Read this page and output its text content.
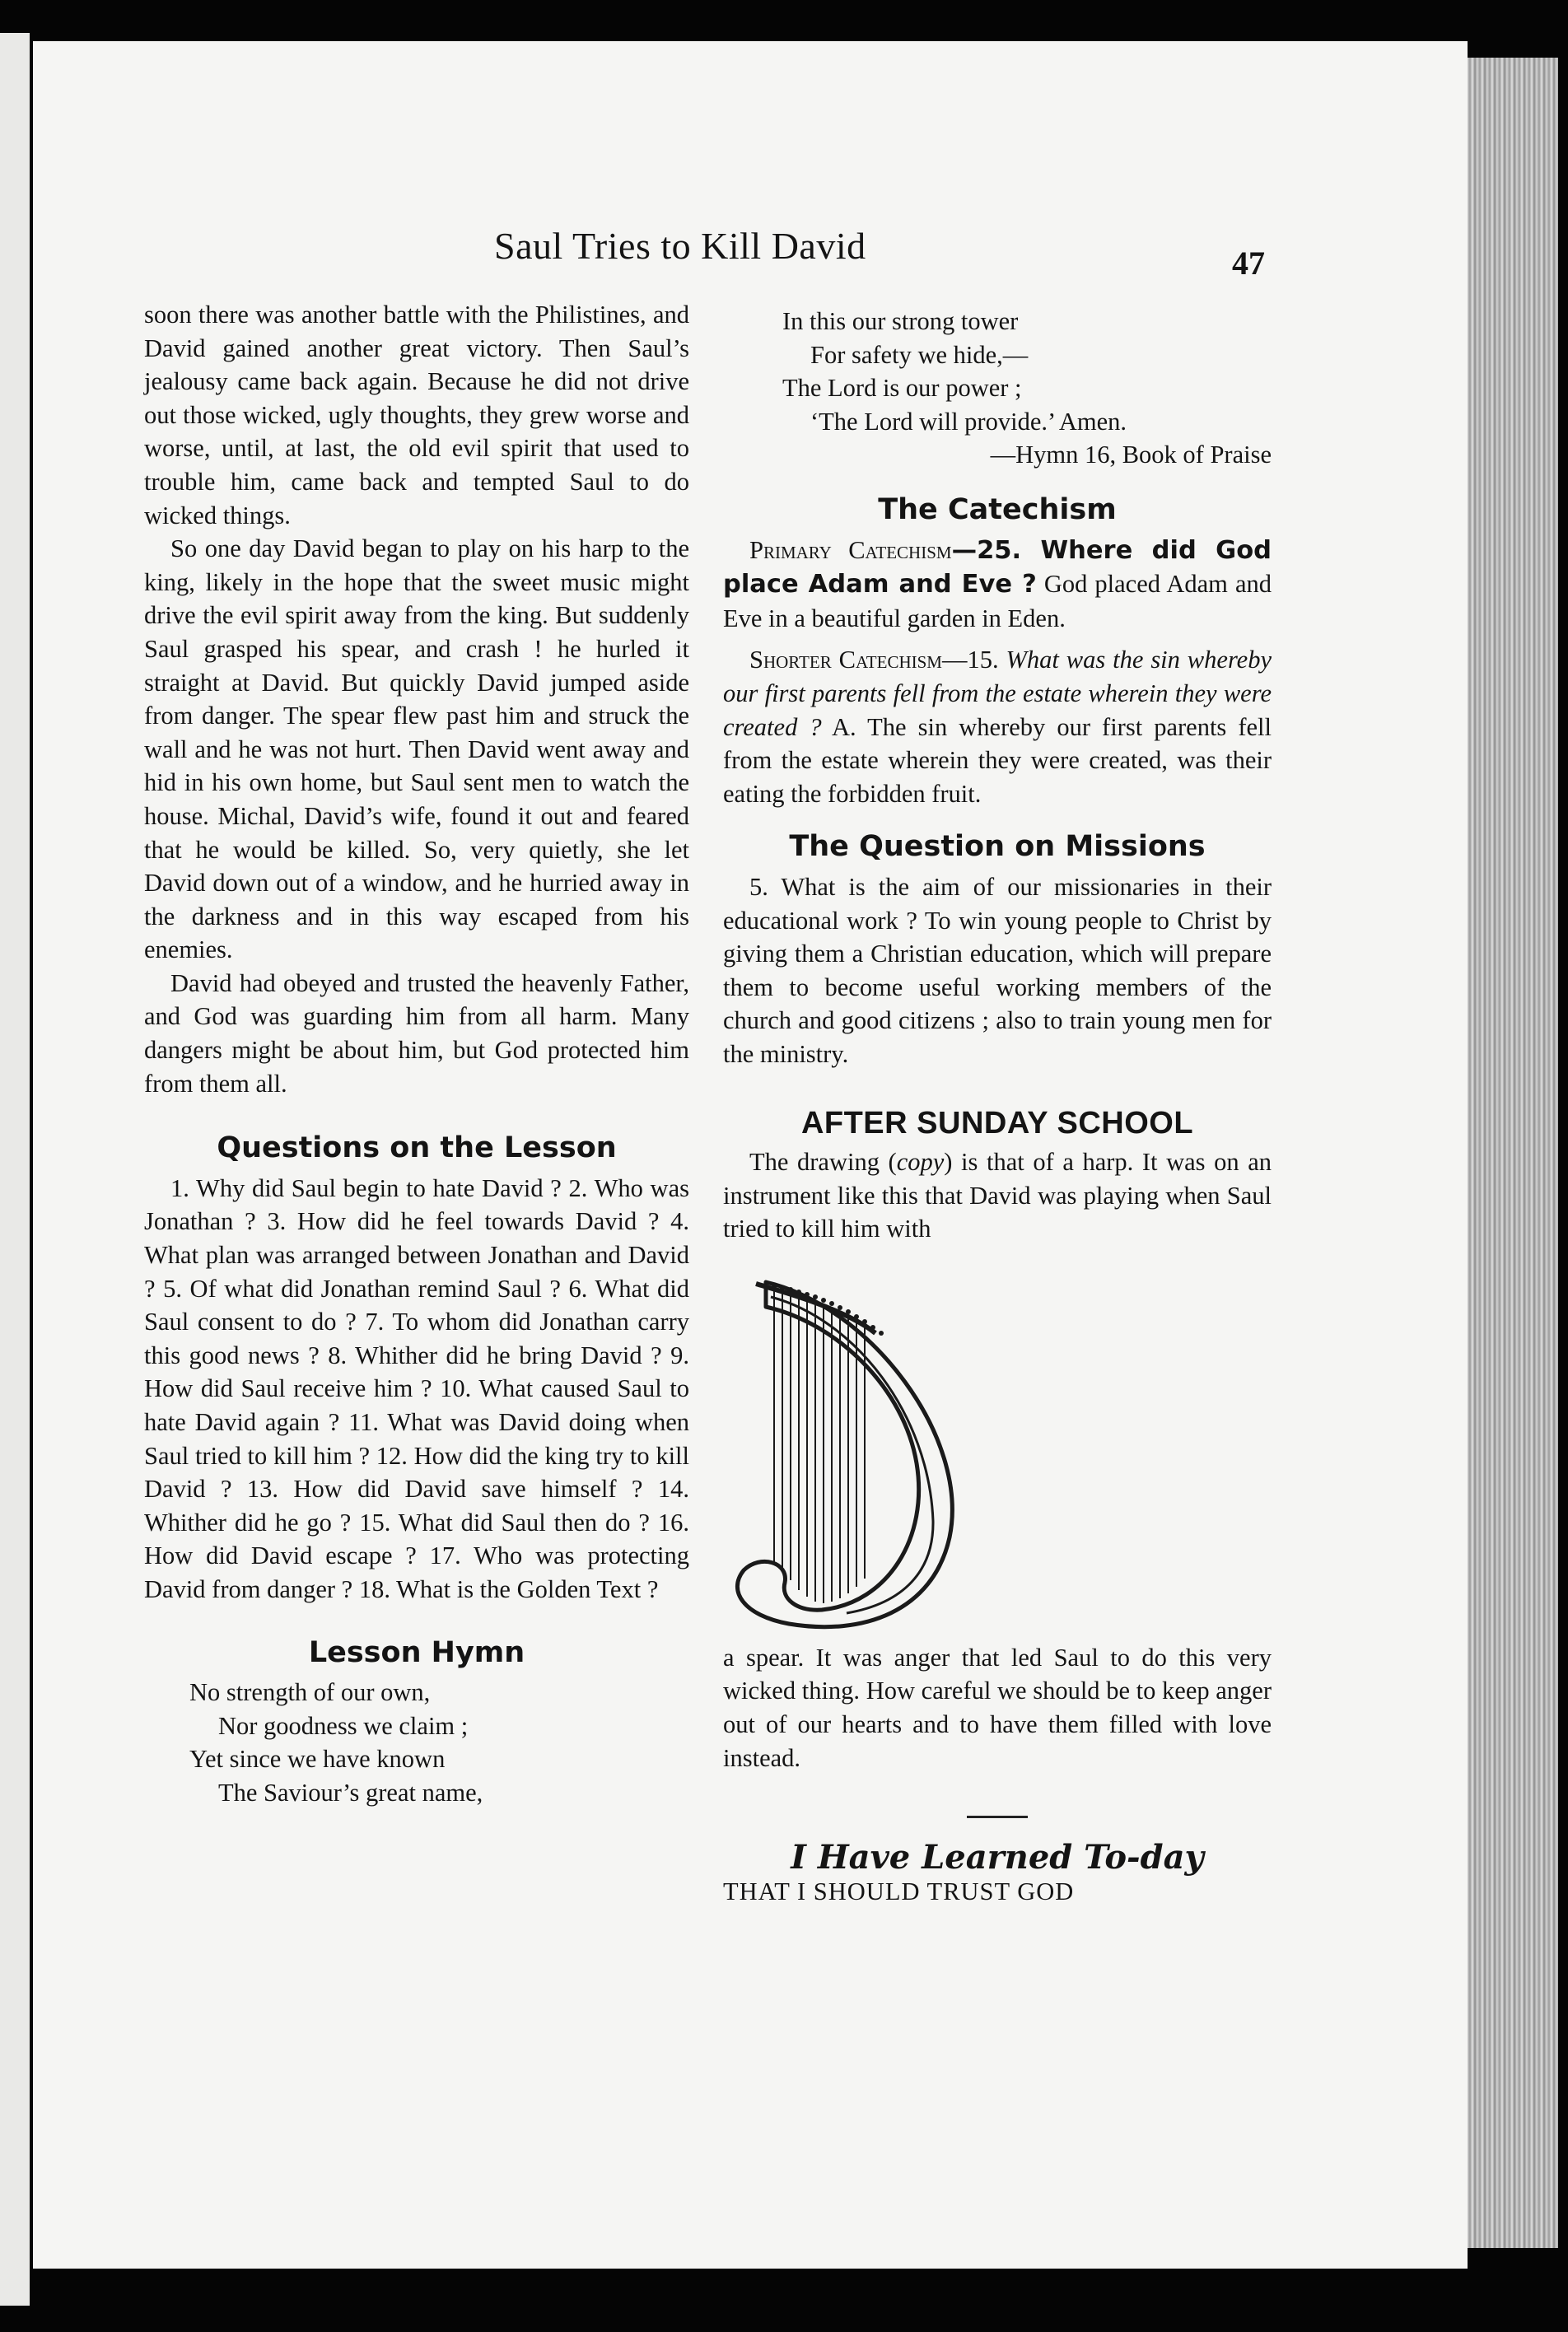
Saul Tries to Kill David	47

soon there was another battle with the Philistines, and David gained another great victory. Then Saul’s jealousy came back again. Because he did not drive out those wicked, ugly thoughts, they grew worse and worse, until, at last, the old evil spirit that used to trouble him, came back and tempted Saul to do wicked things.

So one day David began to play on his harp to the king, likely in the hope that the sweet music might drive the evil spirit away from the king. But suddenly Saul grasped his spear, and crash ! he hurled it straight at David. But quickly David jumped aside from danger. The spear flew past him and struck the wall and he was not hurt. Then David went away and hid in his own home, but Saul sent men to watch the house. Michal, David’s wife, found it out and feared that he would be killed. So, very quietly, she let David down out of a window, and he hurried away in the darkness and in this way escaped from his enemies.

David had obeyed and trusted the heavenly Father, and God was guarding him from all harm. Many dangers might be about him, but God protected him from them all.

Questions on the Lesson

1. Why did Saul begin to hate David ? 2. Who was Jonathan ? 3. How did he feel towards David ? 4. What plan was arranged between Jonathan and David ? 5. Of what did Jonathan remind Saul ? 6. What did Saul consent to do ? 7. To whom did Jonathan carry this good news ? 8. Whither did he bring David ? 9. How did Saul receive him ? 10. What caused Saul to hate David again ? 11. What was David doing when Saul tried to kill him ? 12. How did the king try to kill David ? 13. How did David save himself ? 14. Whither did he go ? 15. What did Saul then do ? 16. How did David escape ? 17. Who was protecting David from danger ? 18. What is the Golden Text ?

Lesson Hymn
No strength of our own,
Nor goodness we claim ;
Yet since we have known
The Saviour’s great name,
In this our strong tower
For safety we hide,—
The Lord is our power ;
‘The Lord will provide.’ Amen.
—Hymn 16, Book of Praise
The Catechism

Primary Catechism—25. Where did God place Adam and Eve ? God placed Adam and Eve in a beautiful garden in Eden.

Shorter Catechism—15. What was the sin whereby our first parents fell from the estate wherein they were created ? A. The sin whereby our first parents fell from the estate wherein they were created, was their eating the forbidden fruit.

The Question on Missions

5. What is the aim of our missionaries in their educational work ? To win young people to Christ by giving them a Christian education, which will prepare them to become useful working members of the church and good citizens ; also to train young men for the ministry.

AFTER SUNDAY SCHOOL

The drawing (copy) is that of a harp. It was on an instrument like this that David was playing when Saul tried to kill him with

a spear. It was anger that led Saul to do this very wicked thing. How careful we should be to keep anger out of our hearts and to have them filled with love instead.

I Have Learned To-day

THAT I SHOULD TRUST GOD
